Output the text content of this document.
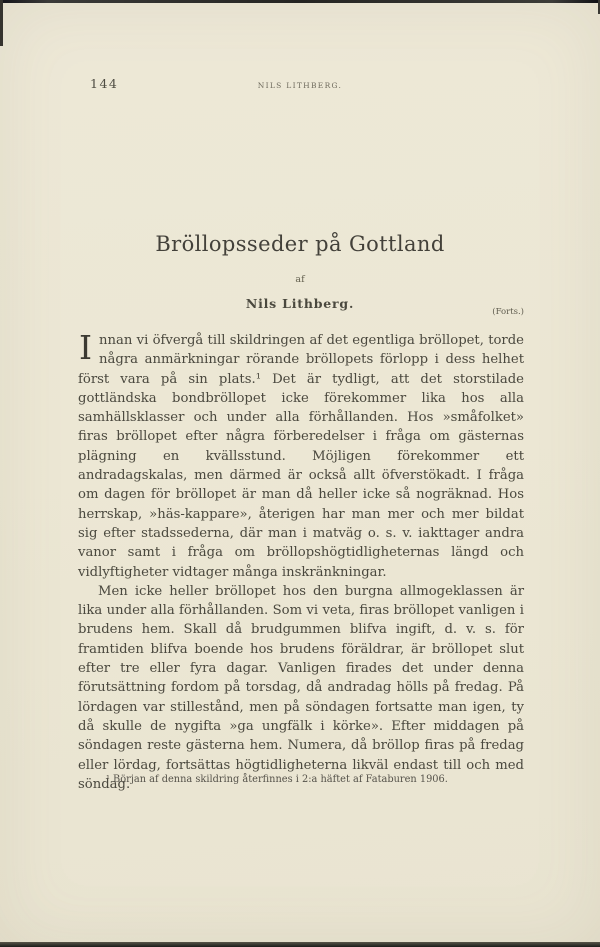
144	NILS LITHBERG.
Bröllopsseder på Gottland
af
Nils Lithberg.
(Forts.)

Innan vi öfvergå till skildringen af det egentliga bröllopet, torde några anmärkningar rörande bröllopets förlopp i dess helhet först vara på sin plats.¹ Det är tydligt, att det storstilade gottländska bondbröllopet icke förekommer lika hos alla samhällsklasser och under alla förhållanden. Hos »småfolket» firas bröllopet efter några förberedelser i fråga om gästernas plägning en kvällsstund. Möjligen förekommer ett andradagskalas, men därmed är också allt öfverstökadt. I fråga om dagen för bröllopet är man då heller icke så nogräknad. Hos herrskap, »häs-kappare», återigen har man mer och mer bildat sig efter stadssederna, där man i matväg o. s. v. iakttager andra vanor samt i fråga om bröllopshögtidligheternas längd och vidlyftigheter vidtager många inskränkningar.

Men icke heller bröllopet hos den burgna allmogeklassen är lika under alla förhållanden. Som vi veta, firas bröllopet vanligen i brudens hem. Skall då brudgummen blifva ingift, d. v. s. för framtiden blifva boende hos brudens föräldrar, är bröllopet slut efter tre eller fyra dagar. Vanligen firades det under denna förutsättning fordom på torsdag, då andradag hölls på fredag. På lördagen var stillestånd, men på söndagen fortsatte man igen, ty då skulle de nygifta »ga ungfälk i körke». Efter middagen på söndagen reste gästerna hem. Numera, då bröllop firas på fredag eller lördag, fortsättas högtidligheterna likväl endast till och med söndag.

¹ Början af denna skildring återfinnes i 2:a häftet af Fataburen 1906.
